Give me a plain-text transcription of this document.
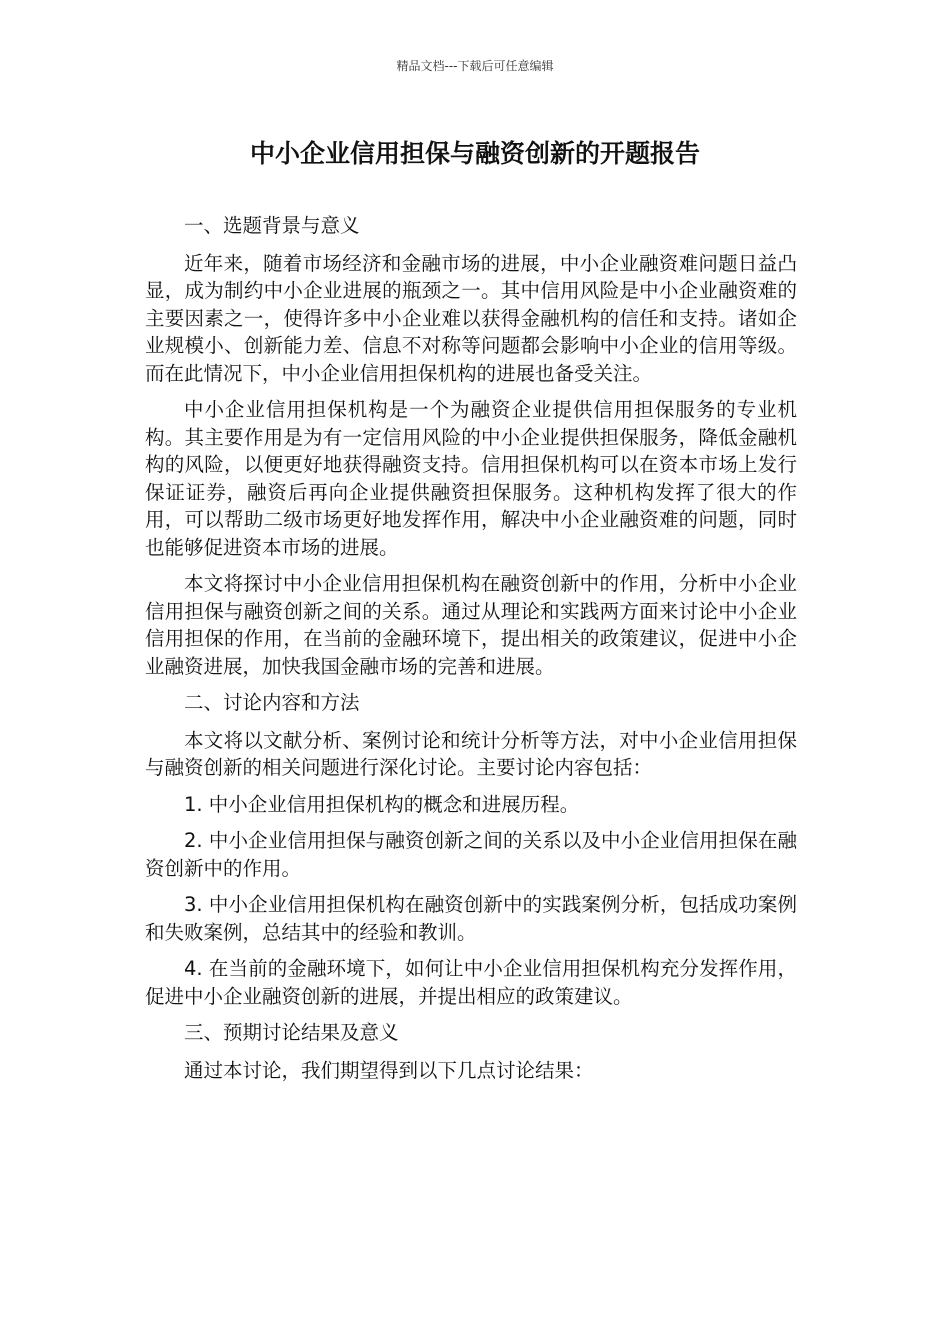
精品文档---下载后可任意编辑
中小企业信用担保与融资创新的开题报告

一、选题背景与意义

近年来，随着市场经济和金融市场的进展，中小企业融资难问题日益凸显，成为制约中小企业进展的瓶颈之一。其中信用风险是中小企业融资难的主要因素之一，使得许多中小企业难以获得金融机构的信任和支持。诸如企业规模小、创新能力差、信息不对称等问题都会影响中小企业的信用等级。而在此情况下，中小企业信用担保机构的进展也备受关注。

中小企业信用担保机构是一个为融资企业提供信用担保服务的专业机构。其主要作用是为有一定信用风险的中小企业提供担保服务，降低金融机构的风险，以便更好地获得融资支持。信用担保机构可以在资本市场上发行保证证券，融资后再向企业提供融资担保服务。这种机构发挥了很大的作用，可以帮助二级市场更好地发挥作用，解决中小企业融资难的问题，同时也能够促进资本市场的进展。

本文将探讨中小企业信用担保机构在融资创新中的作用，分析中小企业信用担保与融资创新之间的关系。通过从理论和实践两方面来讨论中小企业信用担保的作用，在当前的金融环境下，提出相关的政策建议，促进中小企业融资进展，加快我国金融市场的完善和进展。

二、讨论内容和方法

本文将以文献分析、案例讨论和统计分析等方法，对中小企业信用担保与融资创新的相关问题进行深化讨论。主要讨论内容包括：

1. 中小企业信用担保机构的概念和进展历程。

2. 中小企业信用担保与融资创新之间的关系以及中小企业信用担保在融资创新中的作用。

3. 中小企业信用担保机构在融资创新中的实践案例分析，包括成功案例和失败案例，总结其中的经验和教训。

4. 在当前的金融环境下，如何让中小企业信用担保机构充分发挥作用，促进中小企业融资创新的进展，并提出相应的政策建议。

三、预期讨论结果及意义

通过本讨论，我们期望得到以下几点讨论结果：
